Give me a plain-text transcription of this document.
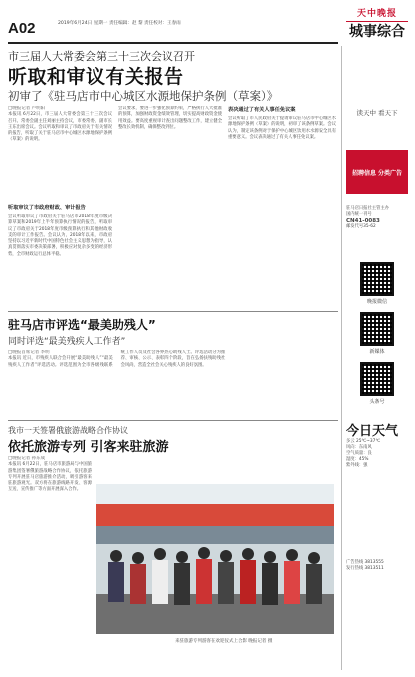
A02	2019年6月24日 星期一 责任编辑：赵 黎 责任校对：王春雨
天中晚报
城事综合
市三届人大常委会第三十三次会议召开
听取和审议有关报告
初审了《驻马店市中心城区水源地保护条例（草案）》
□晚报记者 卢明阳
本报讯 6月22日，市三届人大常委会第三十三次会议召开。常委会副主任刘丽主持会议，市委常委、副市长王东出席会议。会议听取和审议了市政府关于有关情况的报告，听取了关于驻马店市中心城区水源地保护条例（草案）的说明。
听取审议了市政府财政、审计报告
会议听取审议了市政府关于驻马店市2018年度市级决算草案和2019年上半年预算执行情况的报告，听取审议了市政府关于2018年度市级预算执行和其他财政收支的审计工作报告。会议认为，2018年以来，市政府坚持以习近平新时代中国特色社会主义思想为指导，认真贯彻落实市委决策部署，积极应对复杂多变的经济形势，全市财政运行总体平稳。
会议要求，要进一步强化预算约束，严格执行人大批准的预算，加强财政资金绩效管理，切实提高财政资金使用效益。要高度重视审计查出问题整改工作，建立健全整改长效机制，确保整改到位。
表决通过了有关人事任免议案
会议听取了市人民政府关于提请审议驻马店市中心城区水源地保护条例（草案）的说明，初审了该条例草案。会议认为，制定该条例对于保护中心城区饮用水水源安全具有重要意义。会议表决通过了有关人事任免议案。
驻马店市评选“最美助残人”
同时评选“最美残疾人工作者”
□晚报首席记者 李明
本报讯 近日，市残疾人联合会开展“最美助残人”“最美残疾人工作者”评选活动。评选范围为全市各级残联系统工作人员及社会各界热心助残人士。评选活动分为推荐、审核、公示、表彰四个阶段，旨在弘扬扶残助残社会风尚，营造全社会关心残疾人的良好氛围。
我市一天签署俄旅游战略合作协议
依托旅游专列 引客来驻旅游
□晚报记者 孙东成
本报讯 6月22日，驻马店市旅游局与中国旅游集团签署俄旅游战略合作协议，依托旅游专列开展驻马店旅游推介活动，吸引游客来驻旅游观光。双方将在旅游线路开发、客源互送、宣传推广等方面开展深入合作。
来驻旅游专列游客在欢迎仪式上合影 晚报记者 摄
读天中 看天下
招聘信息 分类广告
驻马店日报社主管主办
国内统一刊号
CN41-0083
邮发代号35-62
晚报微信
新媒体
头条号
今日天气
多云 25℃~37℃
风向：东南风
空气质量：良
湿度：45%
紫外线：强
广告热线 3813555
发行热线 3813511
